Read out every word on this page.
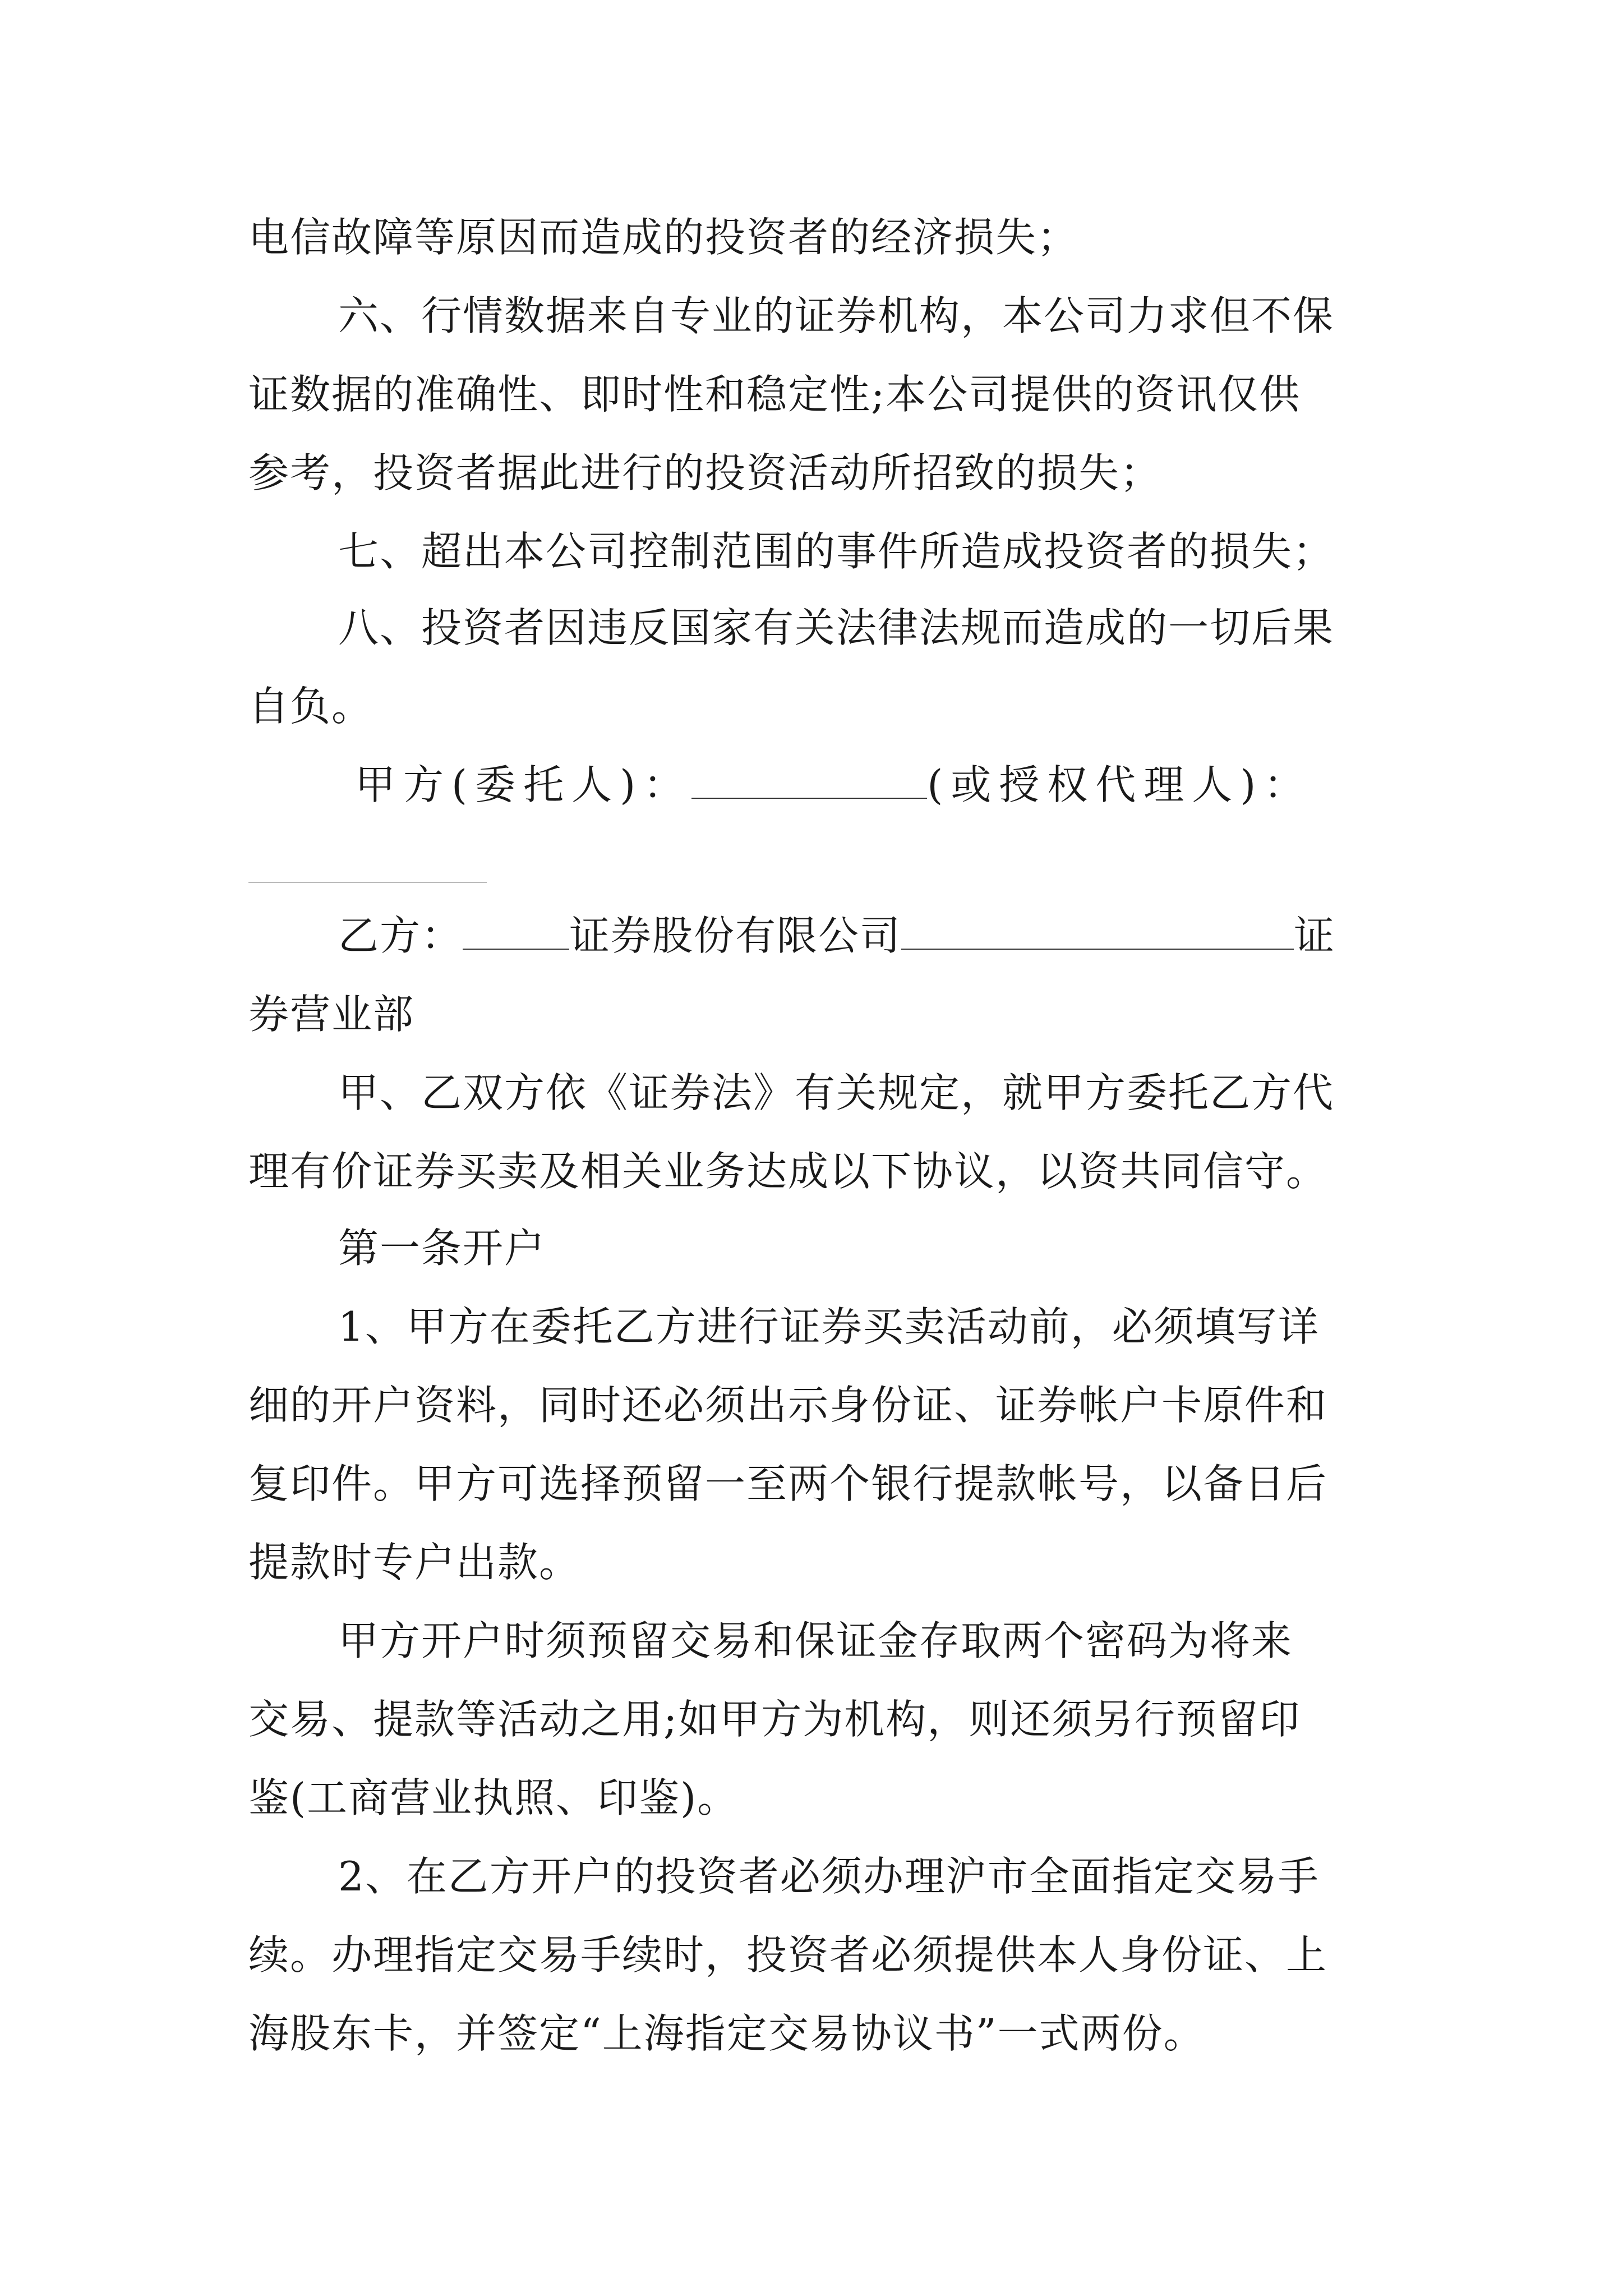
电信故障等原因而造成的投资者的经济损失；
六、行情数据来自专业的证券机构，本公司力求但不保
证数据的准确性、即时性和稳定性;本公司提供的资讯仅供
参考，投资者据此进行的投资活动所招致的损失；
七、超出本公司控制范围的事件所造成投资者的损失；
八、投资者因违反国家有关法律法规而造成的一切后果
自负。
甲方(委托人)：	(或授权代理人)：
乙方：	证券股份有限公司	证
券营业部
甲、乙双方依《证券法》有关规定，就甲方委托乙方代
理有价证券买卖及相关业务达成以下协议，以资共同信守。
第一条开户
1、甲方在委托乙方进行证券买卖活动前，必须填写详
细的开户资料，同时还必须出示身份证、证券帐户卡原件和
复印件。甲方可选择预留一至两个银行提款帐号，以备日后
提款时专户出款。
甲方开户时须预留交易和保证金存取两个密码为将来
交易、提款等活动之用;如甲方为机构，则还须另行预留印
鉴(工商营业执照、印鉴)。
2、在乙方开户的投资者必须办理沪市全面指定交易手
续。办理指定交易手续时，投资者必须提供本人身份证、上
海股东卡，并签定“上海指定交易协议书”一式两份。
